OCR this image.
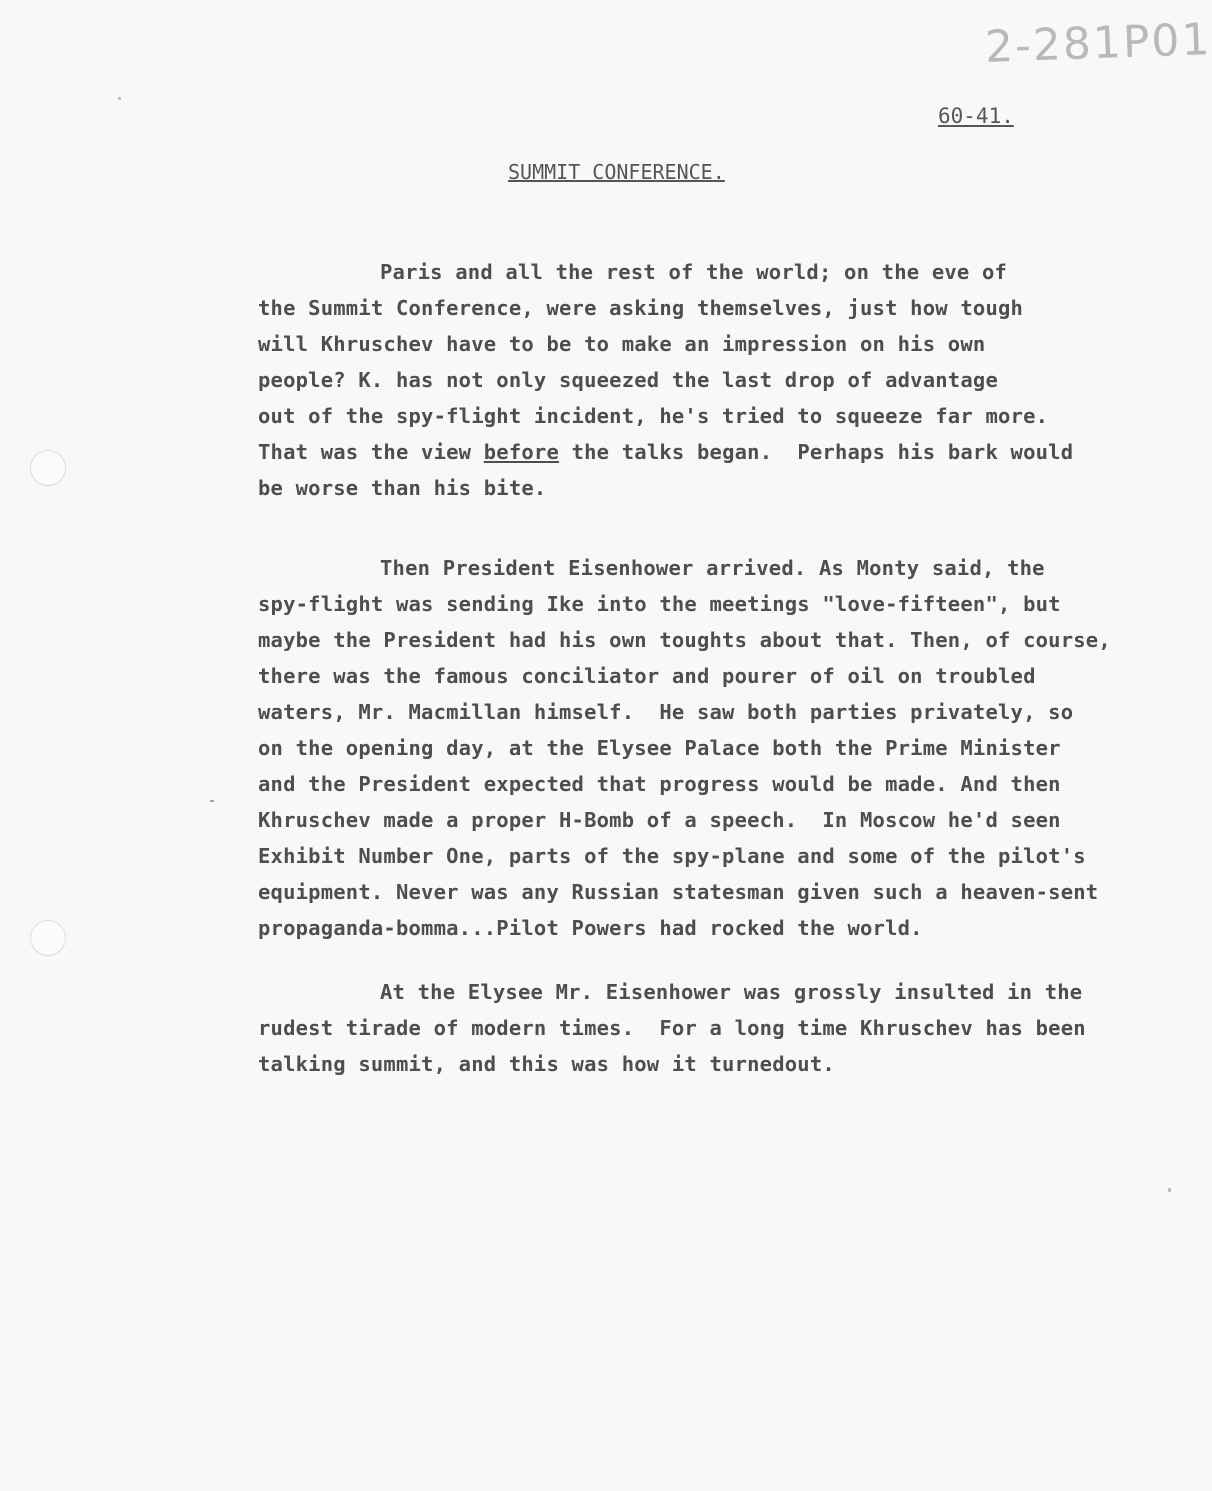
2-281P01
60-41.
SUMMIT CONFERENCE.
Paris and all the rest of the world; on the eve of
the Summit Conference, were asking themselves, just how tough
will Khruschev have to be to make an impression on his own
people? K. has not only squeezed the last drop of advantage
out of the spy-flight incident, he's tried to squeeze far more.
That was the view before the talks began.  Perhaps his bark would
be worse than his bite.
Then President Eisenhower arrived. As Monty said, the
spy-flight was sending Ike into the meetings "love-fifteen", but
maybe the President had his own toughts about that. Then, of course,
there was the famous conciliator and pourer of oil on troubled
waters, Mr. Macmillan himself.  He saw both parties privately, so
on the opening day, at the Elysee Palace both the Prime Minister
and the President expected that progress would be made. And then
Khruschev made a proper H-Bomb of a speech.  In Moscow he'd seen
Exhibit Number One, parts of the spy-plane and some of the pilot's
equipment. Never was any Russian statesman given such a heaven-sent
propaganda-bomma...Pilot Powers had rocked the world.
At the Elysee Mr. Eisenhower was grossly insulted in the
rudest tirade of modern times.  For a long time Khruschev has been
talking summit, and this was how it turnedout.
